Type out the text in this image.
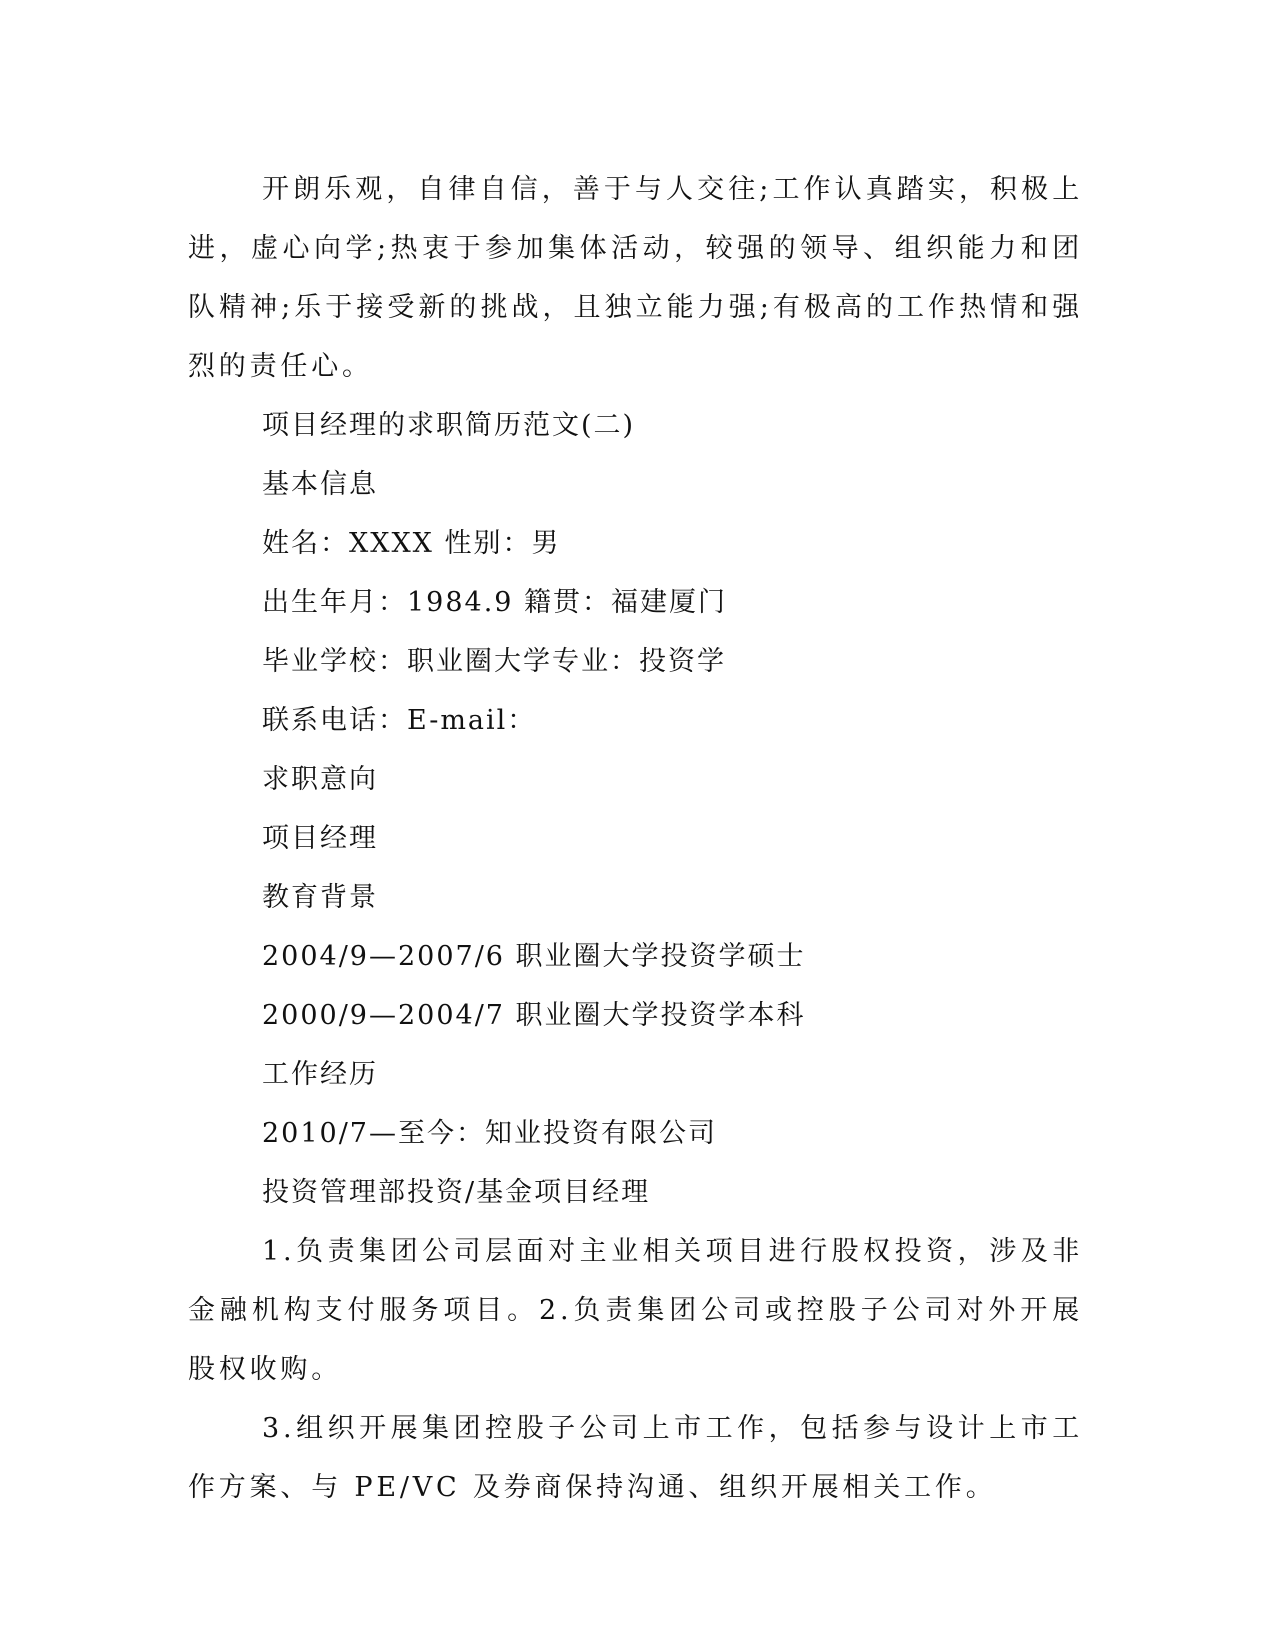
开朗乐观，自律自信，善于与人交往;工作认真踏实，积极上进，虚心向学;热衷于参加集体活动，较强的领导、组织能力和团队精神;乐于接受新的挑战，且独立能力强;有极高的工作热情和强烈的责任心。

项目经理的求职简历范文(二)

基本信息

姓名：XXXX 性别：男

出生年月：1984.9 籍贯：福建厦门

毕业学校：职业圈大学专业：投资学

联系电话：E-mail：

求职意向

项目经理

教育背景

2004/9—2007/6 职业圈大学投资学硕士

2000/9—2004/7 职业圈大学投资学本科

工作经历

2010/7—至今：知业投资有限公司

投资管理部投资/基金项目经理

1.负责集团公司层面对主业相关项目进行股权投资，涉及非金融机构支付服务项目。2.负责集团公司或控股子公司对外开展股权收购。

3.组织开展集团控股子公司上市工作，包括参与设计上市工作方案、与 PE/VC 及券商保持沟通、组织开展相关工作。
